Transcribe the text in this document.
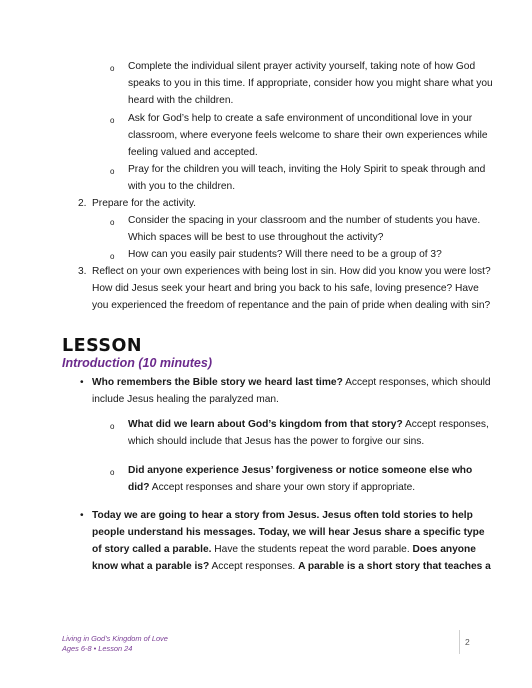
o Complete the individual silent prayer activity yourself, taking note of how God

speaks to you in this time. If appropriate, consider how you might share what you

heard with the children.

o Ask for God’s help to create a safe environment of unconditional love in your

classroom, where everyone feels welcome to share their own experiences while

feeling valued and accepted.

o Pray for the children you will teach, inviting the Holy Spirit to speak through and

with you to the children.

2. Prepare for the activity.

o Consider the spacing in your classroom and the number of students you have.

Which spaces will be best to use throughout the activity?

o How can you easily pair students? Will there need to be a group of 3?

3. Reflect on your own experiences with being lost in sin. How did you know you were lost?

How did Jesus seek your heart and bring you back to his safe, loving presence? Have

you experienced the freedom of repentance and the pain of pride when dealing with sin?

LESSON
Introduction (10 minutes)
• Who remembers the Bible story we heard last time? Accept responses, which should

include Jesus healing the paralyzed man.

o What did we learn about God’s kingdom from that story? Accept responses,

which should include that Jesus has the power to forgive our sins.

o Did anyone experience Jesus’ forgiveness or notice someone else who

did? Accept responses and share your own story if appropriate.

• Today we are going to hear a story from Jesus. Jesus often told stories to help

people understand his messages. Today, we will hear Jesus share a specific type

of story called a parable. Have the students repeat the word parable. Does anyone

know what a parable is? Accept responses. A parable is a short story that teaches a

Living in God’s Kingdom of Love
Ages 6-8 • Lesson 24
2
